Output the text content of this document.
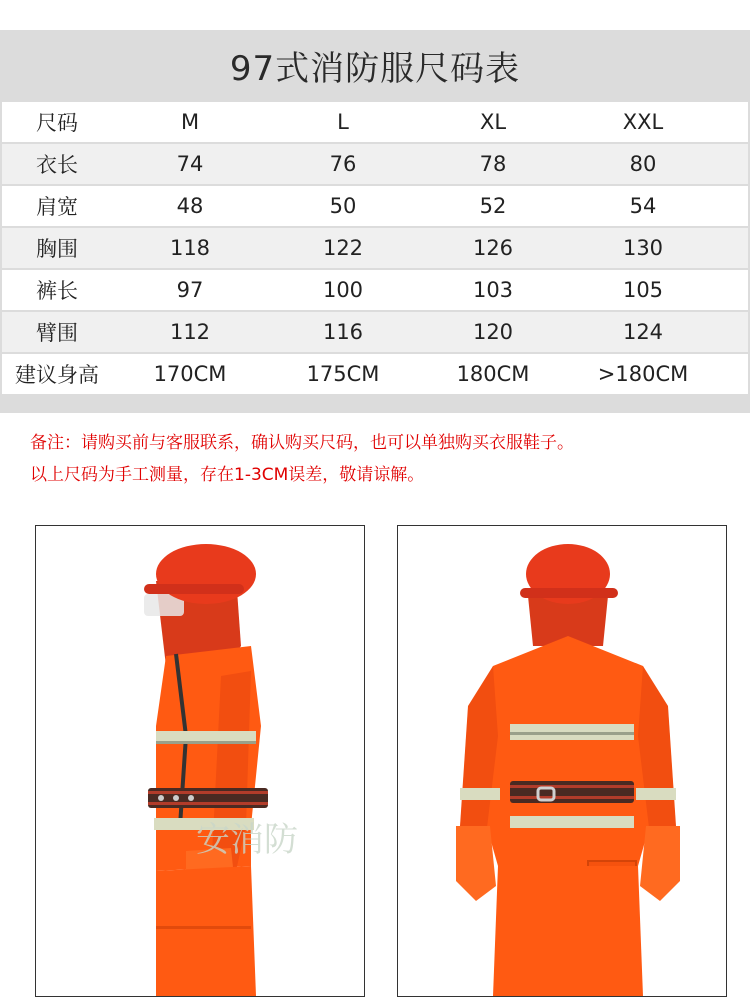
97式消防服尺码表
尺码	M	L	XL	XXL
衣长	74	76	78	80
肩宽	48	50	52	54
胸围	118	122	126	130
裤长	97	100	103	105
臂围	112	116	120	124
建议身高	170CM	175CM	180CM	>180CM
备注：请购买前与客服联系，确认购买尺码，也可以单独购买衣服鞋子。
以上尺码为手工测量，存在1-3CM误差，敬请谅解。
安消防
